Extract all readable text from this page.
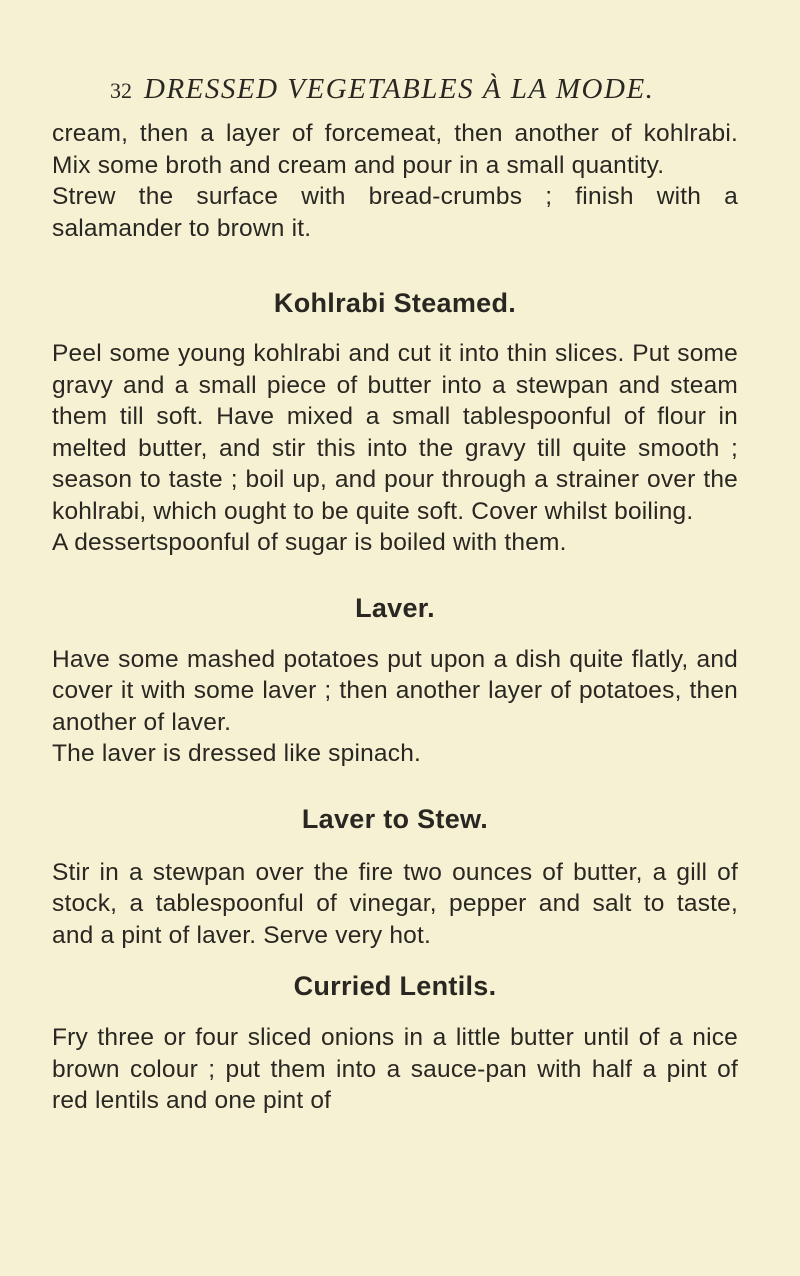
32 DRESSED VEGETABLES À LA MODE.

cream, then a layer of forcemeat, then another of kohlrabi. Mix some broth and cream and pour in a small quantity.

Strew the surface with bread-crumbs ; finish with a salamander to brown it.

Kohlrabi Steamed.

Peel some young kohlrabi and cut it into thin slices. Put some gravy and a small piece of butter into a stewpan and steam them till soft. Have mixed a small tablespoonful of flour in melted butter, and stir this into the gravy till quite smooth ; season to taste ; boil up, and pour through a strainer over the kohlrabi, which ought to be quite soft. Cover whilst boiling.

A dessertspoonful of sugar is boiled with them.

Laver.

Have some mashed potatoes put upon a dish quite flatly, and cover it with some laver ; then another layer of potatoes, then another of laver.

The laver is dressed like spinach.

Laver to Stew.

Stir in a stewpan over the fire two ounces of butter, a gill of stock, a tablespoonful of vinegar, pepper and salt to taste, and a pint of laver. Serve very hot.

Curried Lentils.

Fry three or four sliced onions in a little butter until of a nice brown colour ; put them into a sauce-pan with half a pint of red lentils and one pint of
